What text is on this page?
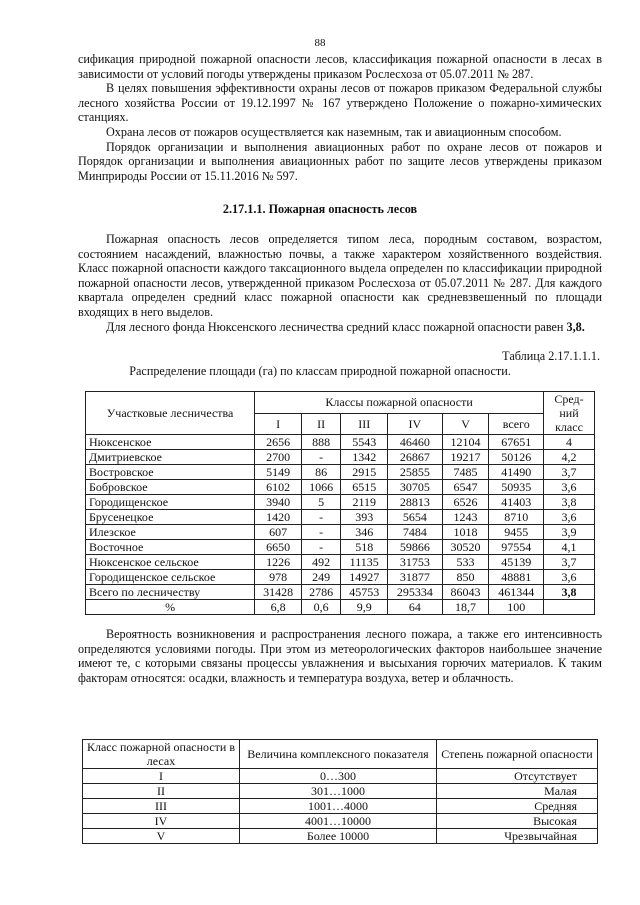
88

сификация природной пожарной опасности лесов, классификация пожарной опасности в лесах в зависимости от условий погоды утверждены приказом Рослесхоза от 05.07.2011 № 287.

В целях повышения эффективности охраны лесов от пожаров приказом Федеральной службы лесного хозяйства России от 19.12.1997 № 167 утверждено Положение о пожарно-химических станциях.

Охрана лесов от пожаров осуществляется как наземным, так и авиационным способом.

Порядок организации и выполнения авиационных работ по охране лесов от пожаров и Порядок организации и выполнения авиационных работ по защите лесов утверждены приказом Минприроды России от 15.11.2016 № 597.

2.17.1.1. Пожарная опасность лесов

Пожарная опасность лесов определяется типом леса, породным составом, возрастом, состоянием насаждений, влажностью почвы, а также характером хозяйственного воздействия. Класс пожарной опасности каждого таксационного выдела определен по классификации природной пожарной опасности лесов, утвержденной приказом Рослесхоза от 05.07.2011 № 287. Для каждого квартала определен средний класс пожарной опасности как средневзвешенный по площади входящих в него выделов.

Для лесного фонда Нюксенского лесничества средний класс пожарной опасности равен 3,8.

Таблица 2.17.1.1.1.
Распределение площади (га) по классам природной пожарной опасности.
Участковые лесничества	Классы пожарной опасности						Сред-ний класс
	I	II	III	IV	V	всего	
Нюксенское	2656	888	5543	46460	12104	67651	4
Дмитриевское	2700	-	1342	26867	19217	50126	4,2
Востровское	5149	86	2915	25855	7485	41490	3,7
Бобровское	6102	1066	6515	30705	6547	50935	3,6
Городищенское	3940	5	2119	28813	6526	41403	3,8
Брусенецкое	1420	-	393	5654	1243	8710	3,6
Илезское	607	-	346	7484	1018	9455	3,9
Восточное	6650	-	518	59866	30520	97554	4,1
Нюксенское сельское	1226	492	11135	31753	533	45139	3,7
Городищенское сельское	978	249	14927	31877	850	48881	3,6
Всего по лесничеству	31428	2786	45753	295334	86043	461344	3,8
%	6,8	0,6	9,9	64	18,7	100	

Вероятность возникновения и распространения лесного пожара, а также его интенсивность определяются условиями погоды. При этом из метеорологических факторов наибольшее значение имеют те, с которыми связаны процессы увлажнения и высыхания горючих материалов. К таким факторам относятся: осадки, влажность и температура воздуха, ветер и облачность.

Класс пожарной опасности в лесах	Величина комплексного показателя	Степень пожарной опасности
I	0…300	Отсутствует
II	301…1000	Малая
III	1001…4000	Средняя
IV	4001…10000	Высокая
V	Более 10000	Чрезвычайная
